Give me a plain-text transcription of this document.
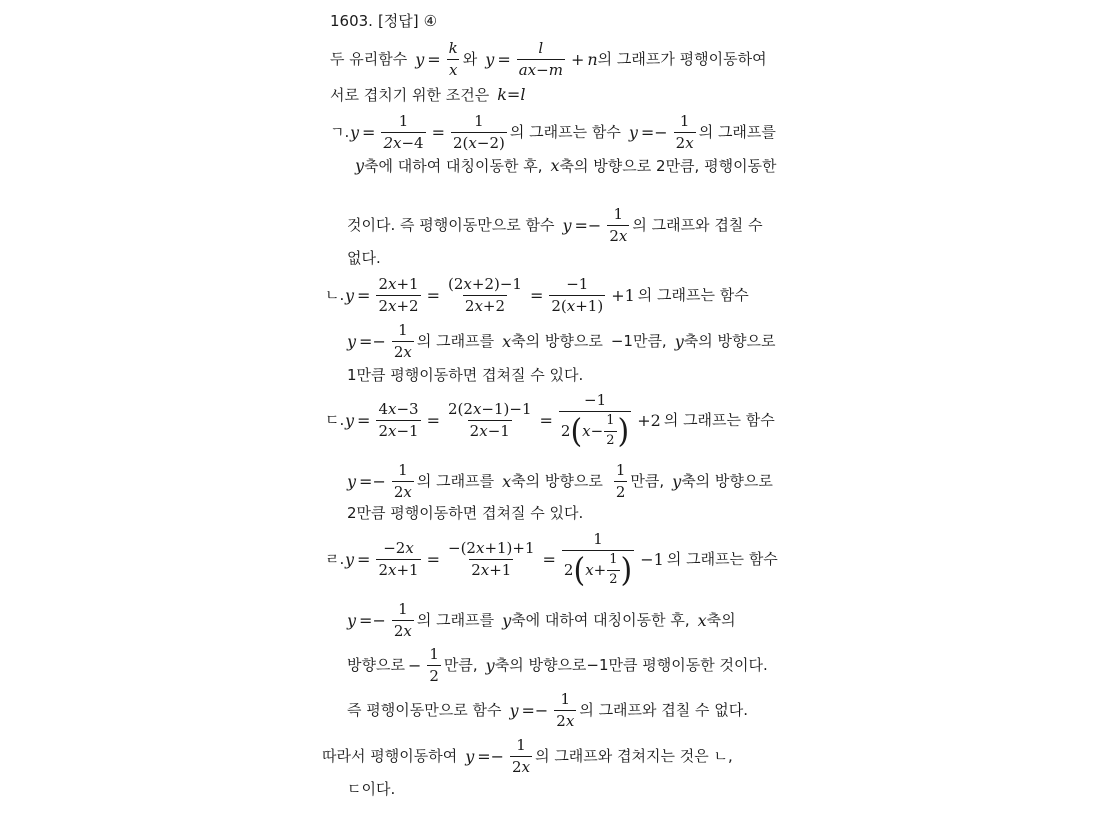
1603. [정답] ④
두 유리함수 $y = \frac{k}{x}$ 와 $y = \frac{l}{ax-m} + n$ 의 그래프가 평행이동하여
서로 겹치기 위한 조건은 k=l
ㄱ. $y = \frac{1}{2x-4} = \frac{1}{2(x-2)}$ 의 그래프는 함수 $y =- \frac{1}{2x}$ 의 그래프를
y 축에 대하여 대칭이동한 후, x 축의 방향으로 2만큼, 평행이동한
것이다. 즉 평행이동만으로 함수 $y =- \frac{1}{2x}$ 의 그래프와 겹칠 수
없다.
ㄴ. $y = \frac{2x+1}{2x+2} = \frac{(2x+2)-1}{2x+2} = \frac{-1}{2(x+1)} +1$ 의 그래프는 함수
$y =- \frac{1}{2x}$ 의 그래프를 x 축의 방향으로 −1만큼, y 축의 방향으로
1만큼 평행이동하면 겹쳐질 수 있다.
ㄷ. $y = \frac{4x-3}{2x-1} = \frac{2(2x-1)-1}{2x-1} = \frac{-1}{2 ( x - \frac{1}{2} )} +2$ 의 그래프는 함수
$y =- \frac{1}{2x}$ 의 그래프를 x 축의 방향으로 $\frac{1}{2}$ 만큼, y 축의 방향으로
2만큼 평행이동하면 겹쳐질 수 있다.
ㄹ. $y = \frac{-2x}{2x+1} = \frac{-(2x+1)+1}{2x+1} = \frac{1}{2 ( x + \frac{1}{2} )} -1$ 의 그래프는 함수
$y =- \frac{1}{2x}$ 의 그래프를 y 축에 대하여 대칭이동한 후, x 축의
방향으로 − $\frac{1}{2}$ 만큼, y 축의 방향으로−1만큼 평행이동한 것이다.
즉 평행이동만으로 함수 $y =- \frac{1}{2x}$ 의 그래프와 겹칠 수 없다.
따라서 평행이동하여 $y =- \frac{1}{2x}$ 의 그래프와 겹쳐지는 것은 ㄴ,
ㄷ이다.
